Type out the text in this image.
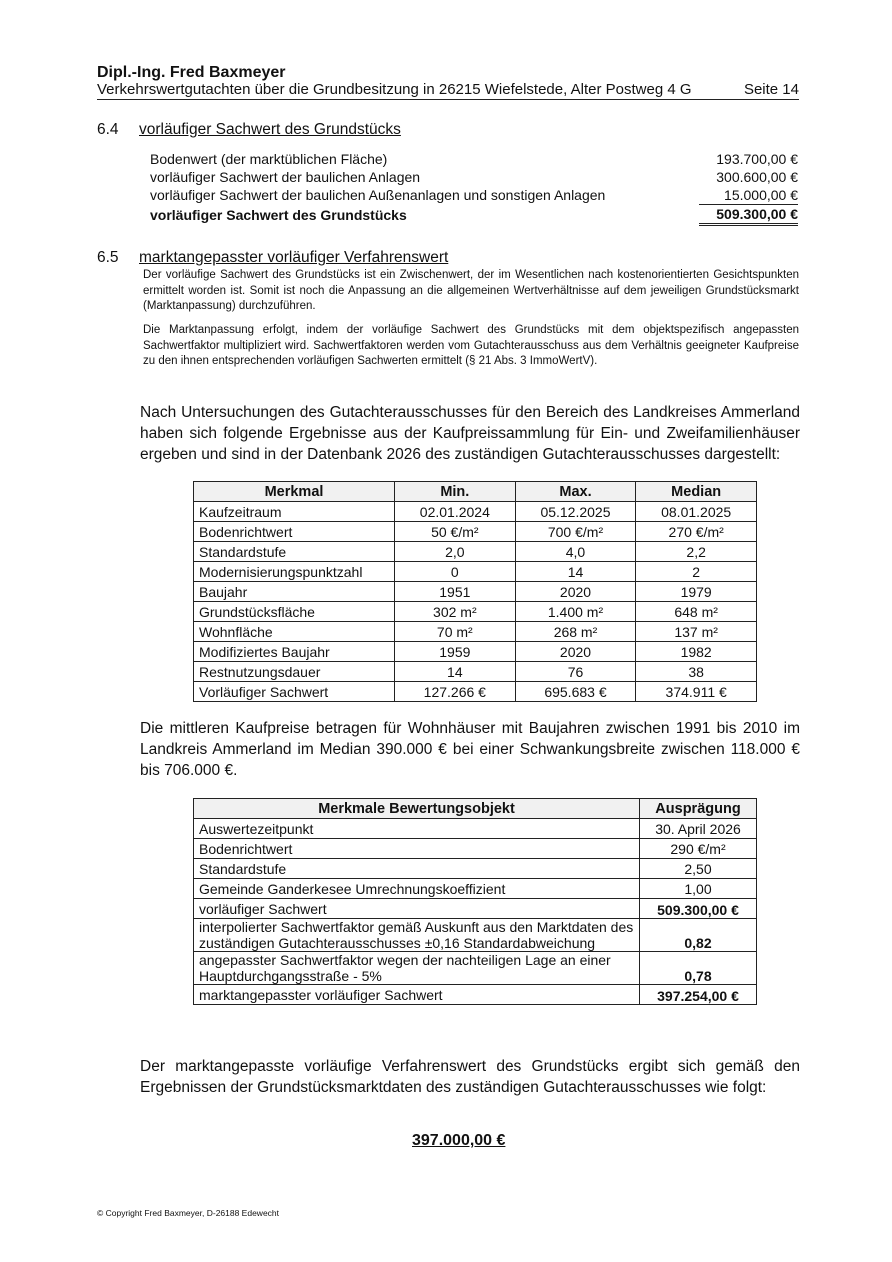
Dipl.-Ing. Fred Baxmeyer
Verkehrswertgutachten über die Grundbesitzung in 26215 Wiefelstede, Alter Postweg 4 G	Seite 14
6.4	vorläufiger Sachwert des Grundstücks
Bodenwert (der marktüblichen Fläche)	193.700,00 €
vorläufiger Sachwert der baulichen Anlagen	300.600,00 €
vorläufiger Sachwert der baulichen Außenanlagen und sonstigen Anlagen	15.000,00 €
vorläufiger Sachwert des Grundstücks	509.300,00 €
6.5	marktangepasster vorläufiger Verfahrenswert
Der vorläufige Sachwert des Grundstücks ist ein Zwischenwert, der im Wesentlichen nach kostenorientierten Gesichtspunkten ermittelt worden ist. Somit ist noch die Anpassung an die allgemeinen Wertverhältnisse auf dem jeweiligen Grundstücksmarkt (Marktanpassung) durchzuführen.
Die Marktanpassung erfolgt, indem der vorläufige Sachwert des Grundstücks mit dem objektspezifisch angepassten Sachwertfaktor multipliziert wird. Sachwertfaktoren werden vom Gutachterausschuss aus dem Verhältnis geeigneter Kaufpreise zu den ihnen entsprechenden vorläufigen Sachwerten ermittelt (§ 21 Abs. 3 ImmoWertV).
Nach Untersuchungen des Gutachterausschusses für den Bereich des Landkreises Ammerland haben sich folgende Ergebnisse aus der Kaufpreissammlung für Ein- und Zweifamilienhäuser ergeben und sind in der Datenbank 2026 des zuständigen Gutachterausschusses dargestellt:
Merkmal	Min.	Max.	Median
Kaufzeitraum	02.01.2024	05.12.2025	08.01.2025
Bodenrichtwert	50 €/m²	700 €/m²	270 €/m²
Standardstufe	2,0	4,0	2,2
Modernisierungspunktzahl	0	14	2
Baujahr	1951	2020	1979
Grundstücksfläche	302 m²	1.400 m²	648 m²
Wohnfläche	70 m²	268 m²	137 m²
Modifiziertes Baujahr	1959	2020	1982
Restnutzungsdauer	14	76	38
Vorläufiger Sachwert	127.266 €	695.683 €	374.911 €
Die mittleren Kaufpreise betragen für Wohnhäuser mit Baujahren zwischen 1991 bis 2010 im Landkreis Ammerland im Median 390.000 € bei einer Schwankungsbreite zwischen 118.000 € bis 706.000 €.
Merkmale Bewertungsobjekt	Ausprägung
Auswertezeitpunkt	30. April 2026
Bodenrichtwert	290 €/m²
Standardstufe	2,50
Gemeinde Ganderkesee Umrechnungskoeffizient	1,00
vorläufiger Sachwert	509.300,00 €
interpolierter Sachwertfaktor gemäß Auskunft aus den Marktdaten des zuständigen Gutachterausschusses ±0,16 Standardabweichung	0,82
angepasster Sachwertfaktor wegen der nachteiligen Lage an einer Hauptdurchgangsstraße - 5%	0,78
marktangepasster vorläufiger Sachwert	397.254,00 €
Der marktangepasste vorläufige Verfahrenswert des Grundstücks ergibt sich gemäß den Ergebnissen der Grundstücksmarktdaten des zuständigen Gutachterausschusses wie folgt:
397.000,00 €
© Copyright Fred Baxmeyer, D-26188 Edewecht
